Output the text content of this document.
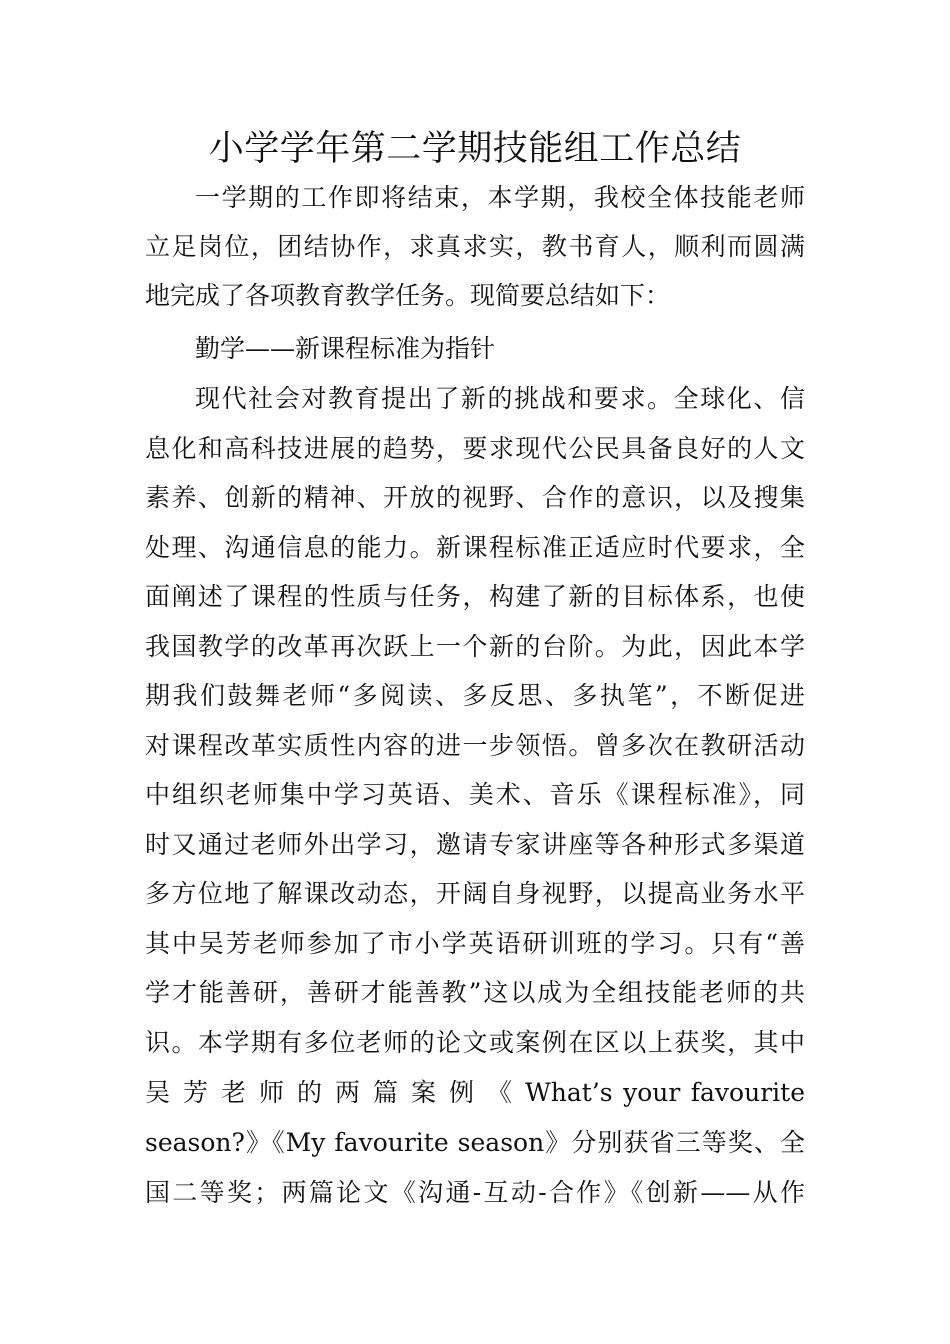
小学学年第二学期技能组工作总结
一学期的工作即将结束，本学期，我校全体技能老师
立足岗位，团结协作，求真求实，教书育人，顺利而圆满
地完成了各项教育教学任务。现简要总结如下：
勤学——新课程标准为指针
现代社会对教育提出了新的挑战和要求。全球化、信
息化和高科技进展的趋势，要求现代公民具备良好的人文
素养、创新的精神、开放的视野、合作的意识，以及搜集
处理、沟通信息的能力。新课程标准正适应时代要求，全
面阐述了课程的性质与任务，构建了新的目标体系，也使
我国教学的改革再次跃上一个新的台阶。为此，因此本学
期我们鼓舞老师“多阅读、多反思、多执笔”，不断促进
对课程改革实质性内容的进一步领悟。曾多次在教研活动
中组织老师集中学习英语、美术、音乐《课程标准》，同
时又通过老师外出学习，邀请专家讲座等各种形式多渠道
多方位地了解课改动态，开阔自身视野，以提高业务水平
其中吴芳老师参加了市小学英语研训班的学习。只有“善
学才能善研，善研才能善教”这以成为全组技能老师的共
识。本学期有多位老师的论文或案例在区以上获奖，其中
吴 芳 老 师 的 两 篇 案 例 《 What’s your favourite
season?》《My favourite season》分别获省三等奖、全
国二等奖；两篇论文《沟通-互动-合作》《创新——从作
